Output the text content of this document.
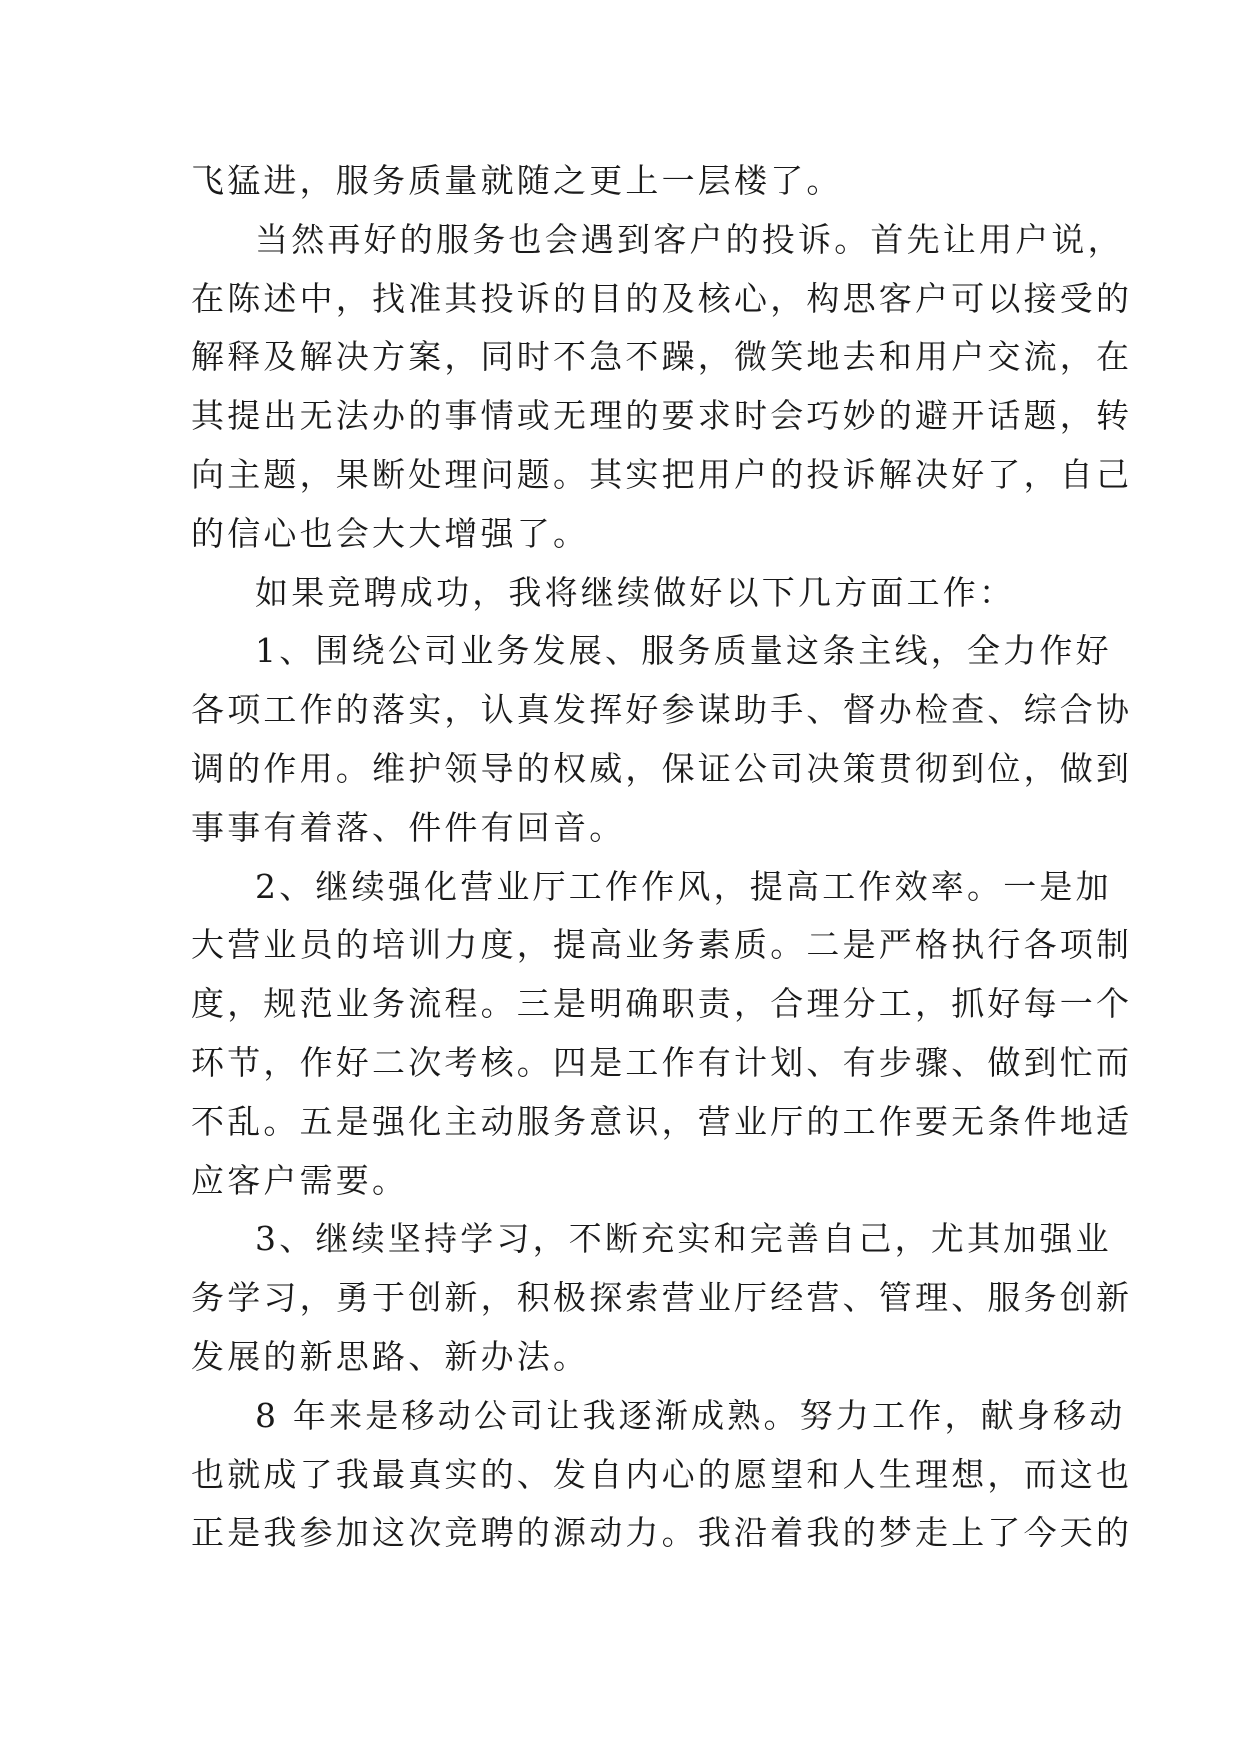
飞猛进，服务质量就随之更上一层楼了。
当然再好的服务也会遇到客户的投诉。首先让用户说，
在陈述中，找准其投诉的目的及核心，构思客户可以接受的
解释及解决方案，同时不急不躁，微笑地去和用户交流，在
其提出无法办的事情或无理的要求时会巧妙的避开话题，转
向主题，果断处理问题。其实把用户的投诉解决好了，自己
的信心也会大大增强了。
如果竞聘成功，我将继续做好以下几方面工作：
1、围绕公司业务发展、服务质量这条主线，全力作好
各项工作的落实，认真发挥好参谋助手、督办检查、综合协
调的作用。维护领导的权威，保证公司决策贯彻到位，做到
事事有着落、件件有回音。
2、继续强化营业厅工作作风，提高工作效率。一是加
大营业员的培训力度，提高业务素质。二是严格执行各项制
度，规范业务流程。三是明确职责，合理分工，抓好每一个
环节，作好二次考核。四是工作有计划、有步骤、做到忙而
不乱。五是强化主动服务意识，营业厅的工作要无条件地适
应客户需要。
3、继续坚持学习，不断充实和完善自己，尤其加强业
务学习，勇于创新，积极探索营业厅经营、管理、服务创新
发展的新思路、新办法。
8 年来是移动公司让我逐渐成熟。努力工作，献身移动
也就成了我最真实的、发自内心的愿望和人生理想，而这也
正是我参加这次竞聘的源动力。我沿着我的梦走上了今天的
